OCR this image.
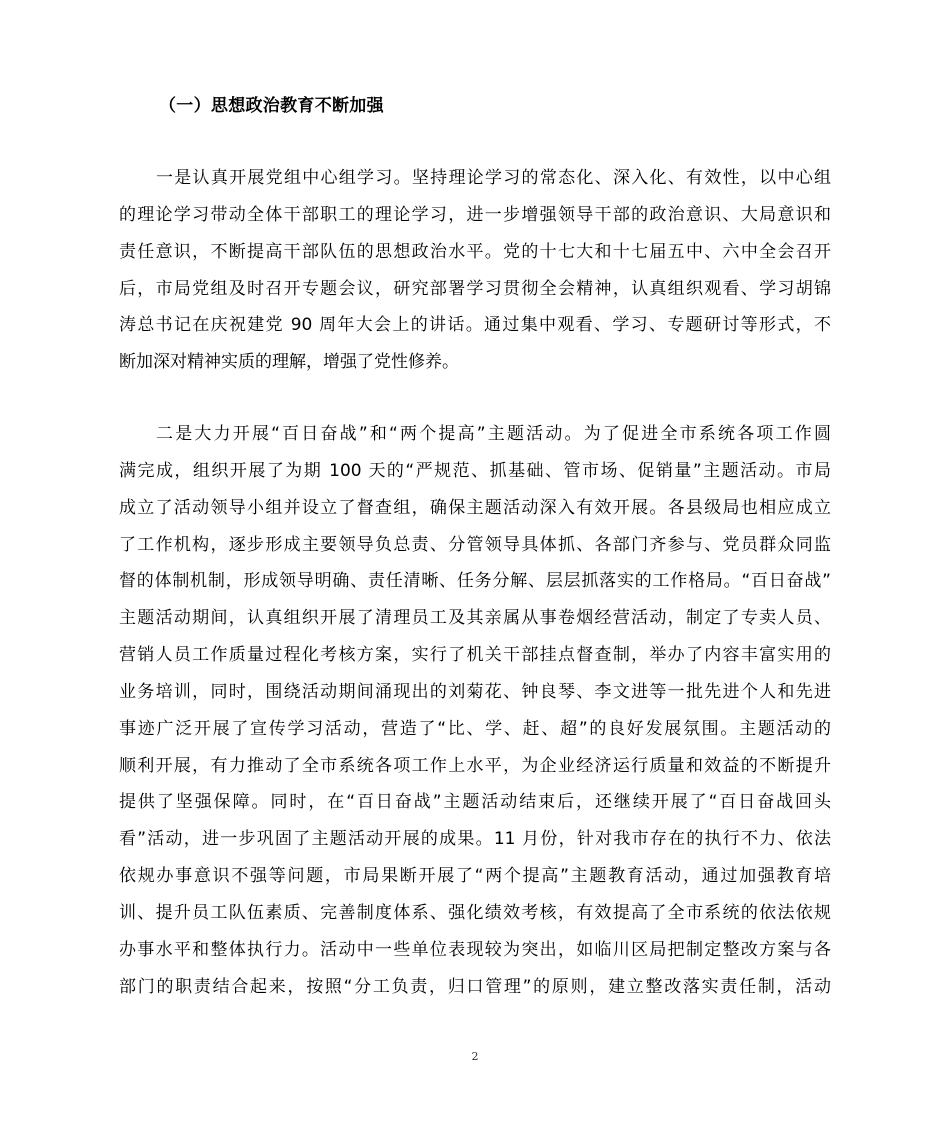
（一）思想政治教育不断加强
一是认真开展党组中心组学习。坚持理论学习的常态化、深入化、有效性，以中心组
的理论学习带动全体干部职工的理论学习，进一步增强领导干部的政治意识、大局意识和
责任意识，不断提高干部队伍的思想政治水平。党的十七大和十七届五中、六中全会召开
后，市局党组及时召开专题会议，研究部署学习贯彻全会精神，认真组织观看、学习胡锦
涛总书记在庆祝建党 90 周年大会上的讲话。通过集中观看、学习、专题研讨等形式，不
断加深对精神实质的理解，增强了党性修养。
二是大力开展“百日奋战”和“两个提高”主题活动。为了促进全市系统各项工作圆
满完成，组织开展了为期 100 天的“严规范、抓基础、管市场、促销量”主题活动。市局
成立了活动领导小组并设立了督查组，确保主题活动深入有效开展。各县级局也相应成立
了工作机构，逐步形成主要领导负总责、分管领导具体抓、各部门齐参与、党员群众同监
督的体制机制，形成领导明确、责任清晰、任务分解、层层抓落实的工作格局。“百日奋战”
主题活动期间，认真组织开展了清理员工及其亲属从事卷烟经营活动，制定了专卖人员、
营销人员工作质量过程化考核方案，实行了机关干部挂点督查制，举办了内容丰富实用的
业务培训，同时，围绕活动期间涌现出的刘菊花、钟良琴、李文进等一批先进个人和先进
事迹广泛开展了宣传学习活动，营造了“比、学、赶、超”的良好发展氛围。主题活动的
顺利开展，有力推动了全市系统各项工作上水平，为企业经济运行质量和效益的不断提升
提供了坚强保障。同时，在“百日奋战”主题活动结束后，还继续开展了“百日奋战回头
看”活动，进一步巩固了主题活动开展的成果。11 月份，针对我市存在的执行不力、依法
依规办事意识不强等问题，市局果断开展了“两个提高”主题教育活动，通过加强教育培
训、提升员工队伍素质、完善制度体系、强化绩效考核，有效提高了全市系统的依法依规
办事水平和整体执行力。活动中一些单位表现较为突出，如临川区局把制定整改方案与各
部门的职责结合起来，按照“分工负责，归口管理”的原则，建立整改落实责任制，活动
2
